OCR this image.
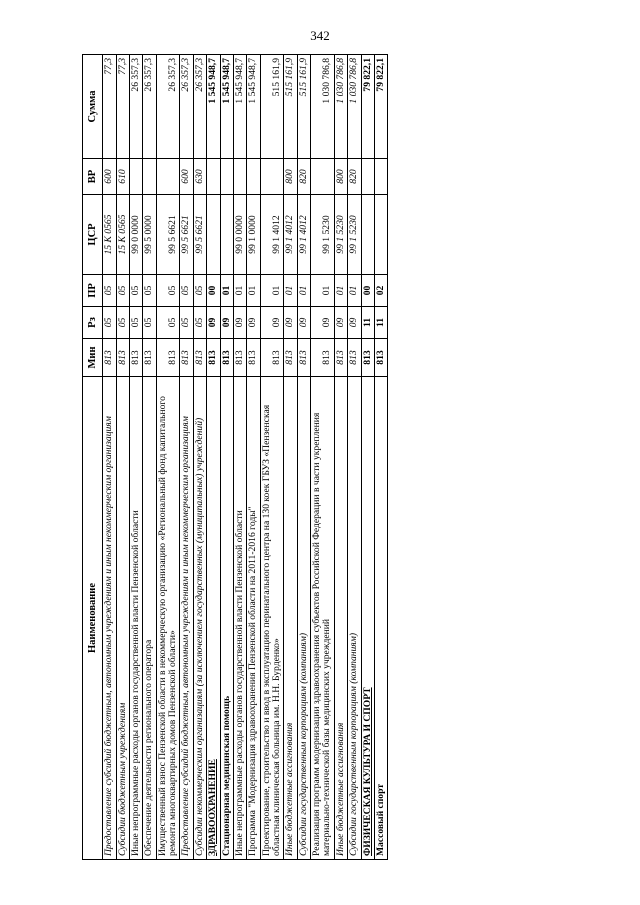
342
Наименование	Мин	Рз	ПР	ЦСР	ВР	Сумма
Предоставление субсидий бюджетным, автономным учреждениям и иным некоммерческим организациям	813	05	05	15 К 0565	600	77,3
Субсидии бюджетным учреждениям	813	05	05	15 К 0565	610	77,3
Иные непрограммные расходы органов государственной власти Пензенской области	813	05	05	99 0 0000		26 357,3
Обеспечение деятельности регионального оператора	813	05	05	99 5 0000		26 357,3
Имущественный взнос Пензенской области в некоммерческую организацию «Региональный фонд капитального ремонта многоквартирных домов Пензенской области»	813	05	05	99 5 6621		26 357,3
Предоставление субсидий бюджетным, автономным учреждениям и иным некоммерческим организациям	813	05	05	99 5 6621	600	26 357,3
Субсидии некоммерческим организациям (за исключением государственных (муниципальных) учреждений)	813	05	05	99 5 6621	630	26 357,3
ЗДРАВООХРАНЕНИЕ	813	09	00			1 545 948,7
Стационарная медицинская помощь	813	09	01			1 545 948,7
Иные непрограммные расходы органов государственной власти Пензенской области	813	09	01	99 0 0000		1 545 948,7
Программа "Модернизация здравоохранения Пензенской области на 2011-2016 годы"	813	09	01	99 1 0000		1 545 948,7
Проектирование, строительство и ввод в эксплуатацию перинатального центра на 130 коек ГБУЗ «Пензенская областная клиническая больница им. Н.Н. Бурденко»	813	09	01	99 1 4012		515 161,9
Иные бюджетные ассигнования	813	09	01	99 1 4012	800	515 161,9
Субсидии государственным корпорациям (компаниям)	813	09	01	99 1 4012	820	515 161,9
Реализация программ модернизации здравоохранения субъектов Российской Федерации в части укрепления материально-технической базы медицинских учреждений	813	09	01	99 1 5230		1 030 786,8
Иные бюджетные ассигнования	813	09	01	99 1 5230	800	1 030 786,8
Субсидии государственным корпорациям (компаниям)	813	09	01	99 1 5230	820	1 030 786,8
ФИЗИЧЕСКАЯ КУЛЬТУРА И СПОРТ	813	11	00			79 822,1
Массовый спорт	813	11	02			79 822,1
